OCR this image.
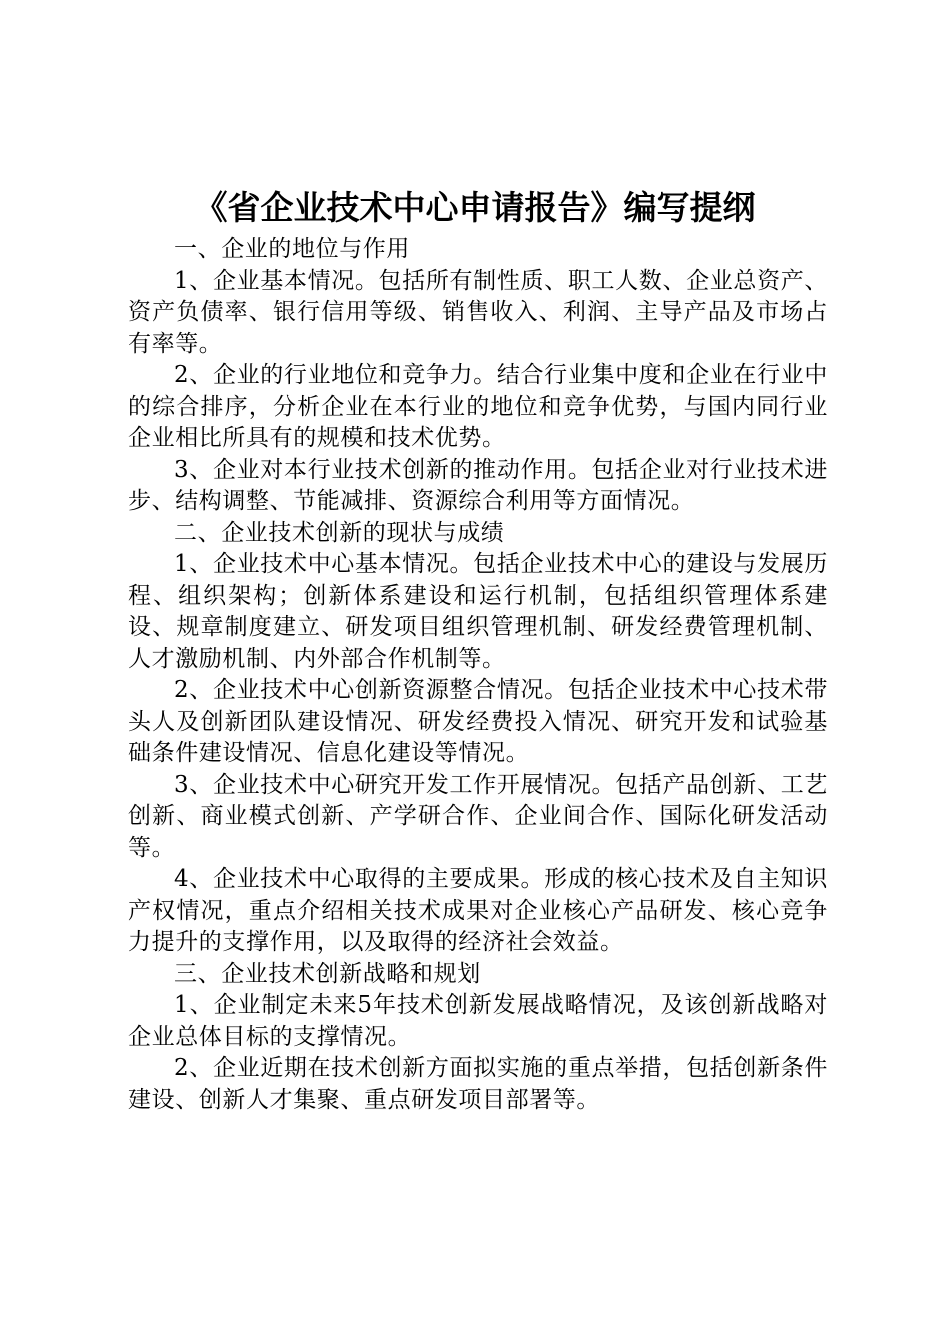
《省企业技术中心申请报告》编写提纲

一、企业的地位与作用

1、企业基本情况。包括所有制性质、职工人数、企业总资产、资产负债率、银行信用等级、销售收入、利润、主导产品及市场占有率等。

2、企业的行业地位和竞争力。结合行业集中度和企业在行业中的综合排序，分析企业在本行业的地位和竞争优势，与国内同行业企业相比所具有的规模和技术优势。

3、企业对本行业技术创新的推动作用。包括企业对行业技术进步、结构调整、节能减排、资源综合利用等方面情况。

二、企业技术创新的现状与成绩

1、企业技术中心基本情况。包括企业技术中心的建设与发展历程、组织架构；创新体系建设和运行机制，包括组织管理体系建设、规章制度建立、研发项目组织管理机制、研发经费管理机制、人才激励机制、内外部合作机制等。

2、企业技术中心创新资源整合情况。包括企业技术中心技术带头人及创新团队建设情况、研发经费投入情况、研究开发和试验基础条件建设情况、信息化建设等情况。

3、企业技术中心研究开发工作开展情况。包括产品创新、工艺创新、商业模式创新、产学研合作、企业间合作、国际化研发活动等。

4、企业技术中心取得的主要成果。形成的核心技术及自主知识产权情况，重点介绍相关技术成果对企业核心产品研发、核心竞争力提升的支撑作用，以及取得的经济社会效益。

三、企业技术创新战略和规划

1、企业制定未来5年技术创新发展战略情况，及该创新战略对企业总体目标的支撑情况。

2、企业近期在技术创新方面拟实施的重点举措，包括创新条件建设、创新人才集聚、重点研发项目部署等。
